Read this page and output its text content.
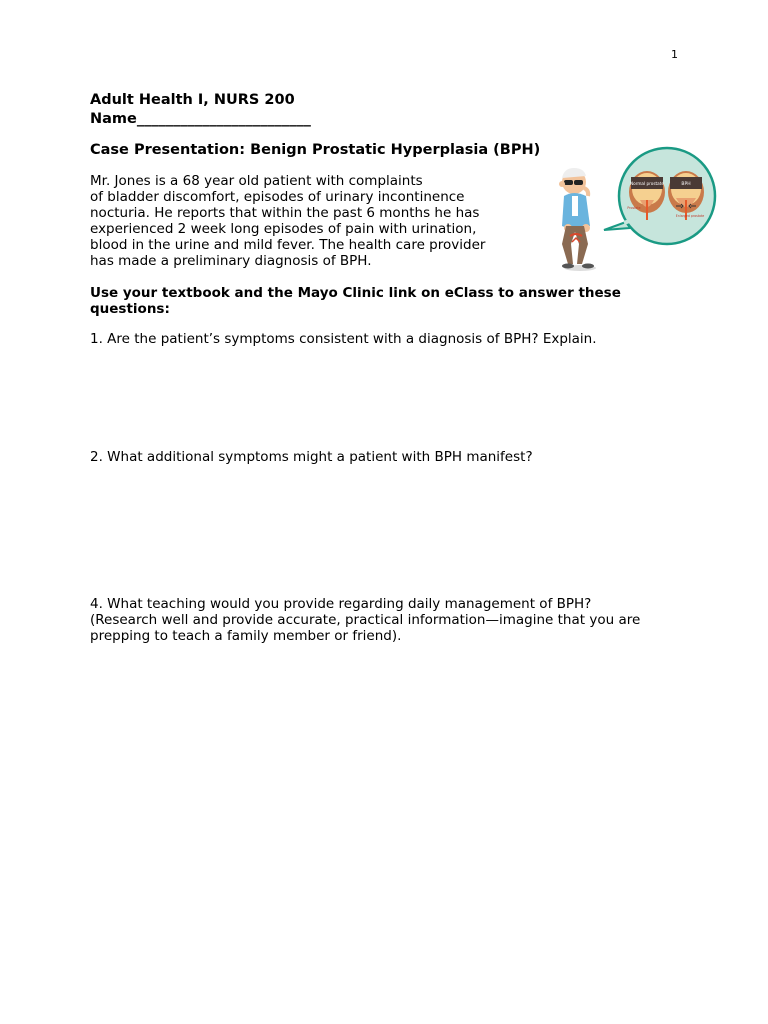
1
Adult Health I, NURS 200
Name________________________
Case Presentation: Benign Prostatic Hyperplasia (BPH)
Mr. Jones is a 68 year old patient with complaints
of bladder discomfort, episodes of urinary incontinence
nocturia. He reports that within the past 6 months he has
experienced 2 week long episodes of pain with urination,
blood in the urine and mild fever. The health care provider
has made a preliminary diagnosis of BPH.
Use your textbook and the Mayo Clinic link on eClass to answer these
questions:
1. Are the patient’s symptoms consistent with a diagnosis of BPH? Explain.
2. What additional symptoms might a patient with BPH manifest?
4. What teaching would you provide regarding daily management of BPH?
(Research well and provide accurate, practical information—imagine that you are
prepping to teach a family member or friend).
Normal prostate
Prostate
BPH
Enlarged prostate
